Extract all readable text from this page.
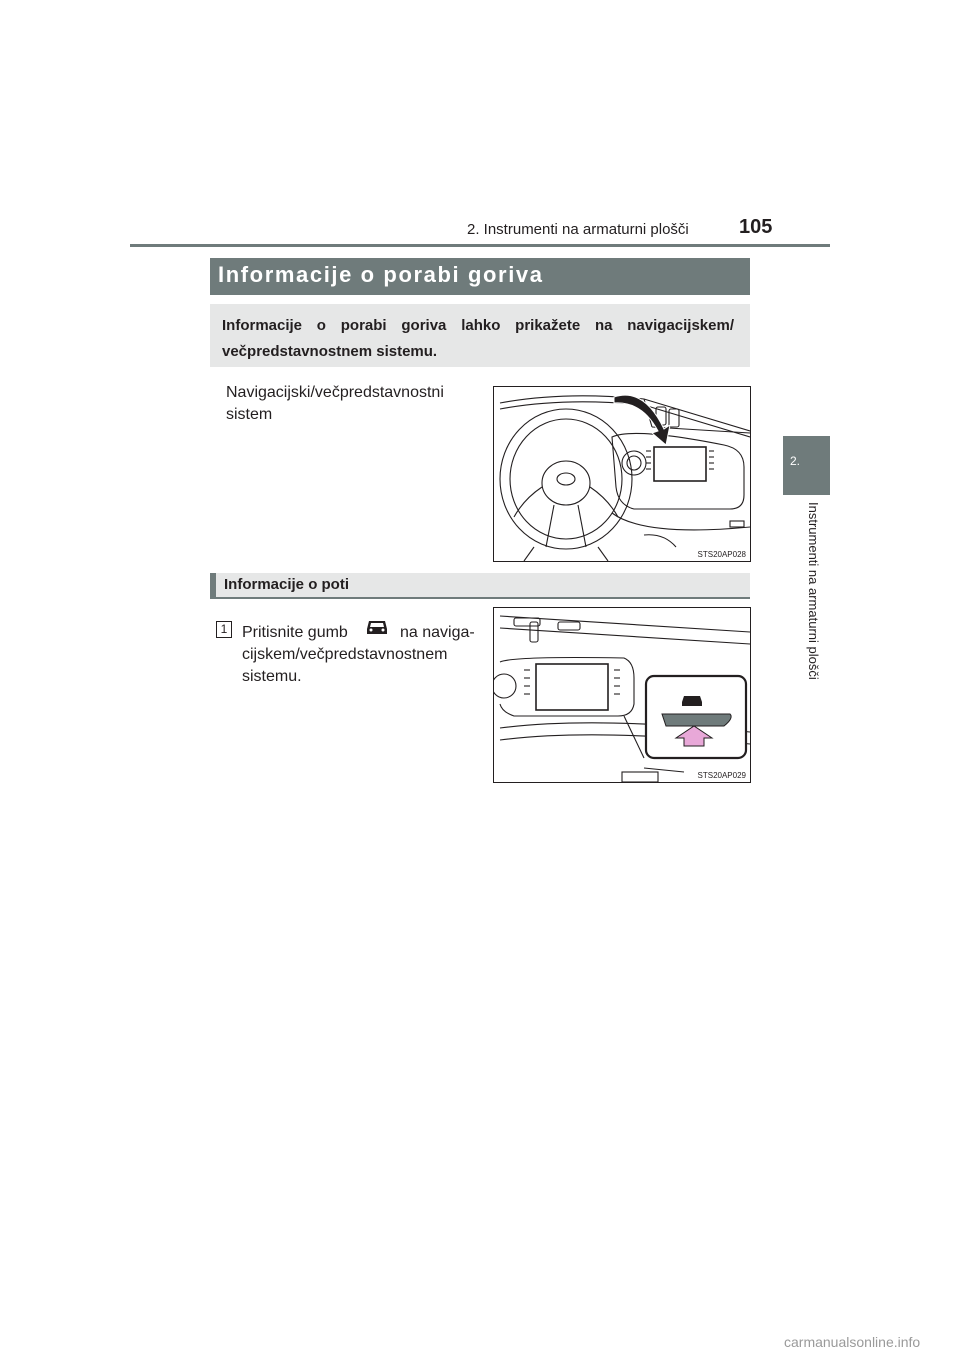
2. Instrumenti na armaturni plošči	105
2.
Instrumenti na armaturni plošči
Informacije o porabi goriva
Informacije o porabi goriva lahko prikažete na navigacijskem/ večpredstavnostnem sistemu.
Navigacijski/večpredstavnostni sistem
STS20AP028
Informacije o poti
1 Pritisnite gumb	na naviga-
cijskem/večpredstavnostnem
sistemu.
STS20AP029
carmanualsonline.info
